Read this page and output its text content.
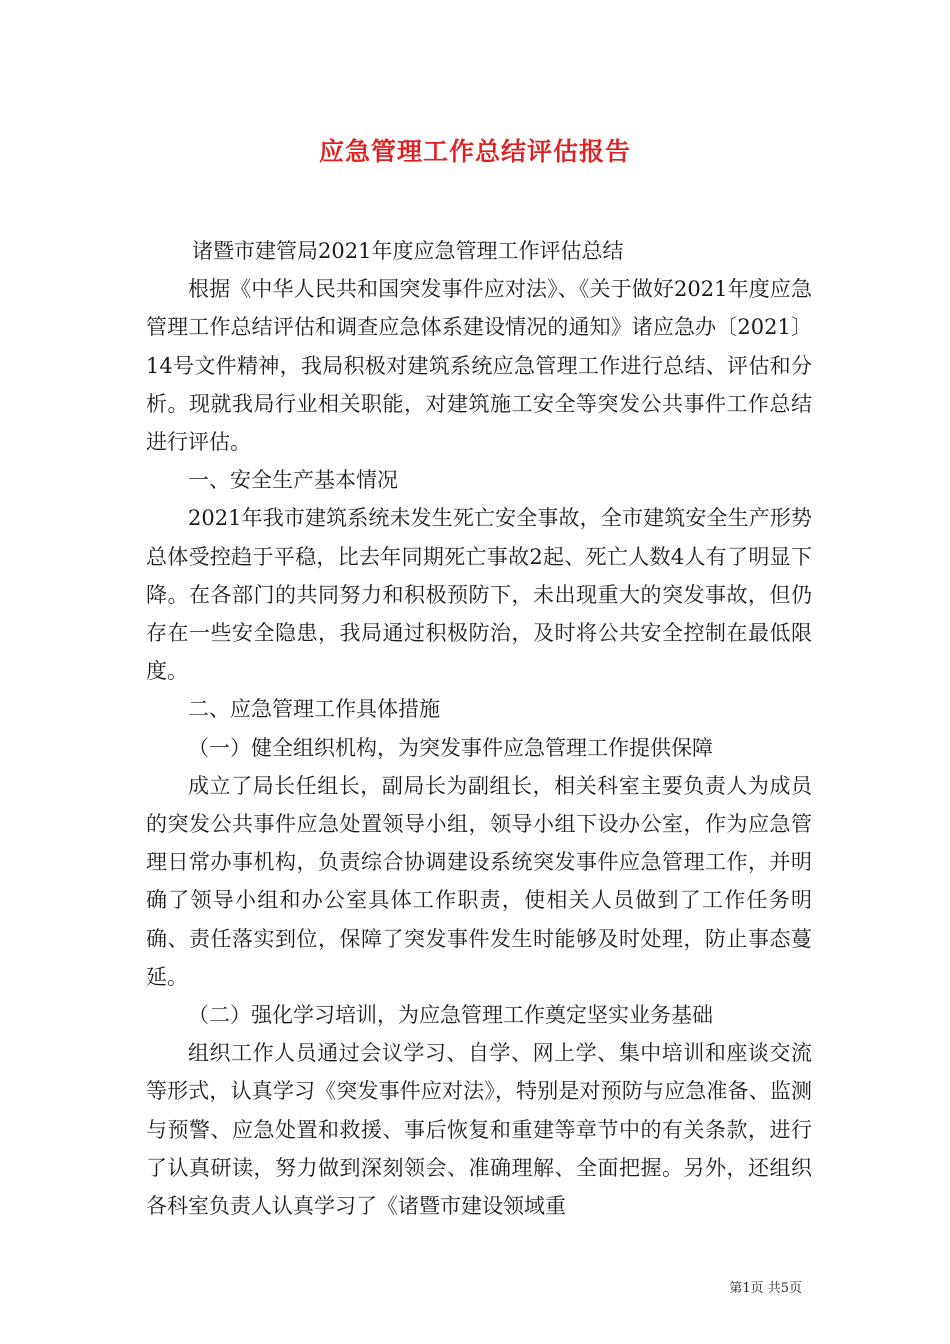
应急管理工作总结评估报告

诸暨市建管局2021年度应急管理工作评估总结

根据《中华人民共和国突发事件应对法》、《关于做好2021年度应急管理工作总结评估和调查应急体系建设情况的通知》诸应急办〔2021〕14号文件精神，我局积极对建筑系统应急管理工作进行总结、评估和分析。现就我局行业相关职能，对建筑施工安全等突发公共事件工作总结进行评估。

一、安全生产基本情况

2021年我市建筑系统未发生死亡安全事故，全市建筑安全生产形势总体受控趋于平稳，比去年同期死亡事故2起、死亡人数4人有了明显下降。在各部门的共同努力和积极预防下，未出现重大的突发事故，但仍存在一些安全隐患，我局通过积极防治，及时将公共安全控制在最低限度。

二、应急管理工作具体措施

（一）健全组织机构，为突发事件应急管理工作提供保障

成立了局长任组长，副局长为副组长，相关科室主要负责人为成员的突发公共事件应急处置领导小组，领导小组下设办公室，作为应急管理日常办事机构，负责综合协调建设系统突发事件应急管理工作，并明确了领导小组和办公室具体工作职责，使相关人员做到了工作任务明确、责任落实到位，保障了突发事件发生时能够及时处理，防止事态蔓延。

（二）强化学习培训，为应急管理工作奠定坚实业务基础

组织工作人员通过会议学习、自学、网上学、集中培训和座谈交流等形式，认真学习《突发事件应对法》，特别是对预防与应急准备、监测与预警、应急处置和救援、事后恢复和重建等章节中的有关条款，进行了认真研读，努力做到深刻领会、准确理解、全面把握。另外，还组织各科室负责人认真学习了《诸暨市建设领域重

第1页 共5页
